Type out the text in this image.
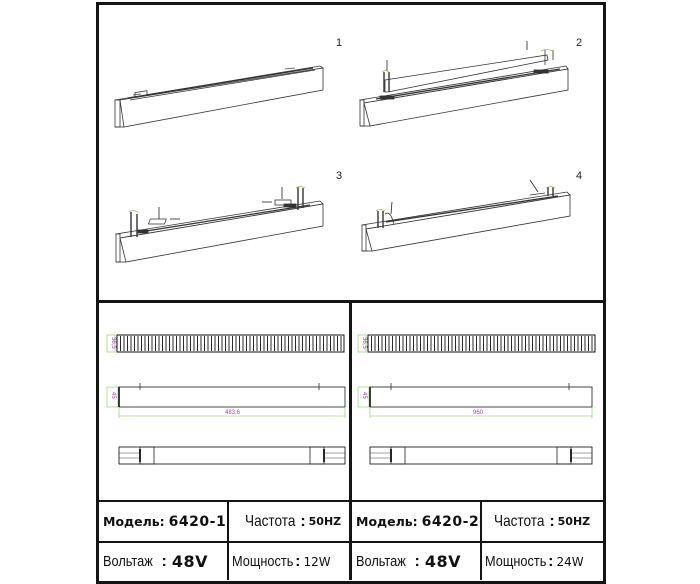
1	2
3	4
36,5
45
483,6
36,5
45
960
Модель: 6420-1 Частота : 50HZ
Вольтаж : 48V Мощность : 12W
Модель: 6420-2 Частота : 50HZ
Вольтаж : 48V Мощность : 24W
